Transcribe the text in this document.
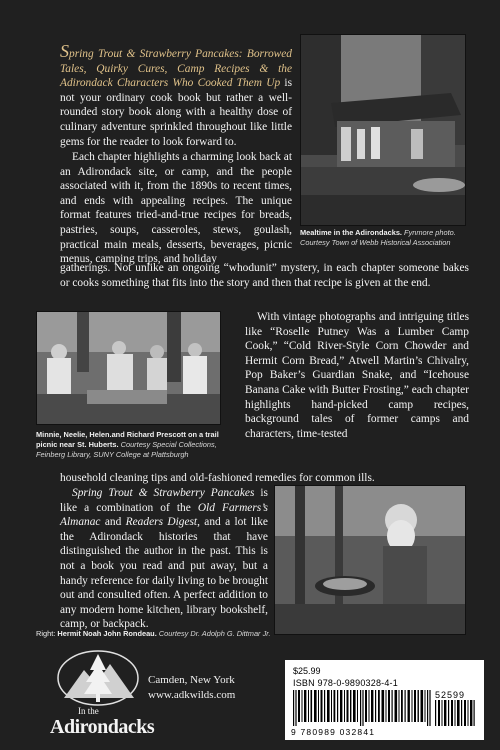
Spring Trout & Strawberry Pancakes: Borrowed Tales, Quirky Cures, Camp Recipes & the Adirondack Characters Who Cooked Them Up is not your ordinary cook book but rather a well-rounded story book along with a healthy dose of culinary adventure sprinkled throughout like little gems for the reader to look forward to.

Each chapter highlights a charming look back at an Adirondack site, or camp, and the people associated with it, from the 1890s to recent times, and ends with appealing recipes. The unique format features tried-and-true recipes for breads, pastries, soups, casseroles, stews, goulash, practical main meals, desserts, beverages, picnic menus, camping trips, and holiday

gatherings. Not unlike an ongoing “whodunit” mystery, in each chapter someone bakes or cooks something that fits into the story and then that recipe is given at the end.

Mealtime in the Adirondacks. Fynmore photo. Courtesy Town of Webb Historical Association

Minnie, Neelie, Helen.and Richard Prescott on a trail picnic near St. Huberts. Courtesy Special Collections, Feinberg Library, SUNY College at Plattsburgh

With vintage photographs and intriguing titles like “Roselle Putney Was a Lumber Camp Cook,” “Cold River-Style Corn Chowder and Hermit Corn Bread,” Atwell Martin’s Chivalry, Pop Baker’s Guardian Snake, and “Icehouse Banana Cake with Butter Frosting,” each chapter highlights hand-picked camp recipes, background tales of former camps and characters, time-tested

household cleaning tips and old-fashioned remedies for common ills.

Spring Trout & Strawberry Pancakes is like a combination of the Old Farmers’s Almanac and Readers Digest, and a lot like the Adirondack histories that have distinguished the author in the past. This is not a book you read and put away, but a handy reference for daily living to be brought out and consulted often. A perfect addition to any modern home kitchen, library bookshelf, camp, or backpack.

Right: Hermit Noah John Rondeau. Courtesy Dr. Adolph G. Dittmar Jr.

In the
Adirondacks
Camden, New York
www.adkwilds.com
$25.99
ISBN 978-0-9890328-4-1
52599
9 780989 032841
